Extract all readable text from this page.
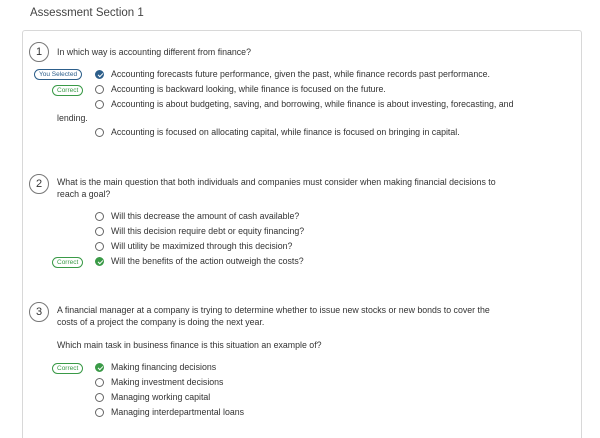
Assessment Section 1
1	In which way is accounting different from finance?
You Selected	Accounting forecasts future performance, given the past, while finance records past performance.
Correct	Accounting is backward looking, while finance is focused on the future.
Accounting is about budgeting, saving, and borrowing, while finance is about investing, forecasting, and
lending.
Accounting is focused on allocating capital, while finance is focused on bringing in capital.
2	What is the main question that both individuals and companies must consider when making financial decisions to
reach a goal?
Will this decrease the amount of cash available?
Will this decision require debt or equity financing?
Will utility be maximized through this decision?
Correct	Will the benefits of the action outweigh the costs?
3	A financial manager at a company is trying to determine whether to issue new stocks or new bonds to cover the
costs of a project the company is doing the next year.
Which main task in business finance is this situation an example of?
Correct	Making financing decisions
Making investment decisions
Managing working capital
Managing interdepartmental loans
